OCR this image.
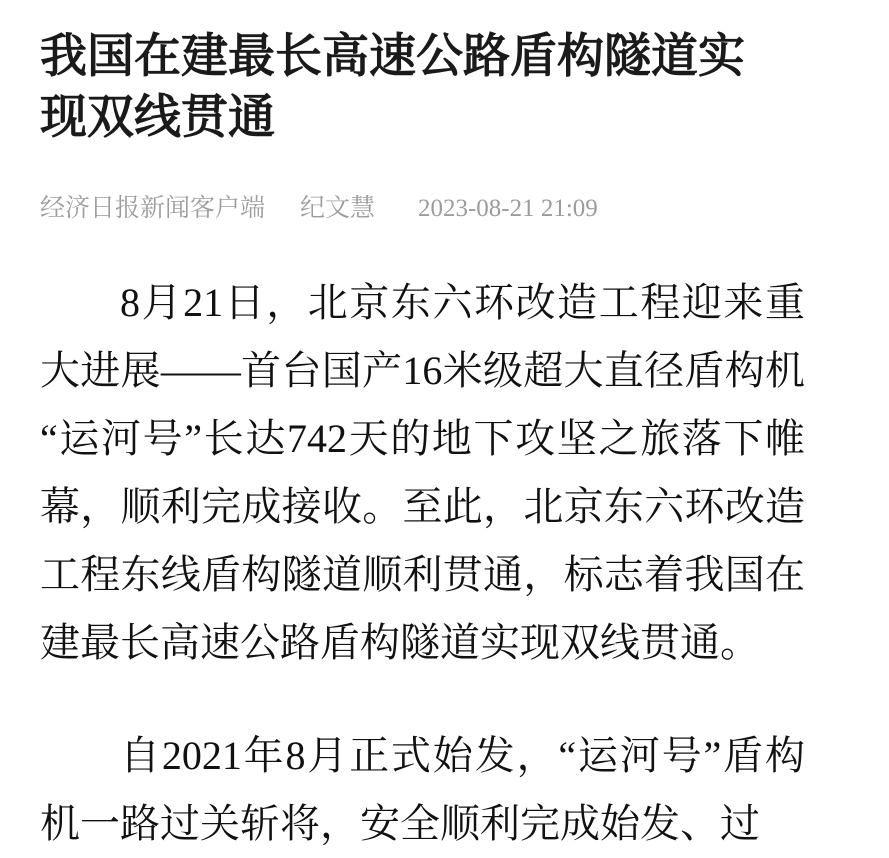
我国在建最长高速公路盾构隧道实现双线贯通
经济日报新闻客户端 纪文慧 2023-08-21 21:09

8月21日，北京东六环改造工程迎来重大进展——首台国产16米级超大直径盾构机“运河号”长达742天的地下攻坚之旅落下帷幕，顺利完成接收。至此，北京东六环改造工程东线盾构隧道顺利贯通，标志着我国在建最长高速公路盾构隧道实现双线贯通。

自2021年8月正式始发，“运河号”盾构机一路过关斩将，安全顺利完成始发、过
